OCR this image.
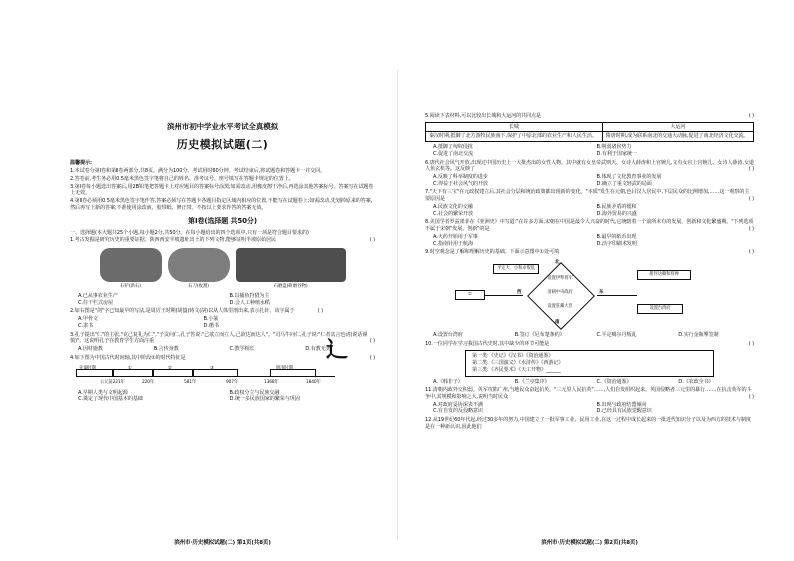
滨州市初中学业水平考试全真模拟
历史模拟试题(二)
温馨提示:
1.本试卷分第Ⅰ卷和第Ⅱ卷两部分,共8页。满分为100分。考试用时60分钟。考试结束后,将试题卷和答题卡一并交回。
2.答卷前,考生务必用0.5毫米黑色签字笔将自己的姓名、准考证号、座号填写在答题卡规定的位置上。
3.第Ⅰ卷每小题选出答案后,用2B铅笔把答题卡上对应题目的答案标号涂黑;如需改动,用橡皮擦干净后,再选涂其他答案标号。答案写在试题卷上无效。
4.第Ⅱ卷必须用0.5毫米黑色签字笔作答,答案必须写在答题卡各题目指定区域内相应的位置,不能写在试题卷上;如需改动,先划掉原来的答案,然后再写上新的答案;不准使用涂改液、胶带纸、修正带。不按以上要求作答的答案无效。
第Ⅰ卷(选择题 共50分)
一、选择题(本大题共25个小题,每小题2分,共50分。在每小题给出的四个选项中,只有一项是符合题目要求的)
1.考古发掘是研究历史的重要证据。陕西西安半坡遗址出土的下列文物,能够证明半坡原始居民	( )
石铲(新石)	石刀(收割)	石磨盘(研磨谷物)
A.已从事农业生产	B.以捕鱼狩猎为主
C.住干栏式房屋	D.会人工种植水稻
2.如右图是"剑"字已知最早的写法,是周厉王时期(胡簋)铸文(胡)以从人体里剖出来,表示扎针。该字属于	( )
⻌
A.甲骨文	B.小篆
C.隶书	D.楷书
3.孔子提出"仁"的主张,"克己复礼为仁","子贡问仁,孔子答说:"己欲立而立人,己欲达而达人"。"司马牛问仁,孔子说:"仁者其言也讱(说话谨慎)"。这说明孔子在教育学生方面注重	( )
A.因材施教	B.言传身教	C.教学相长	D.有教无类
4.如下图为中国古代时间轴,其中阶段②的时代特征是	( )
先秦时期	①	②	③	明清时期
公元前221年	220年	581年	907年	1368年	1840年
A.早期人类与文明起源	B.政权分立与民族交融
C.奠定了现代中国基本的基础	D.统一多民族国家的繁荣与巩固
滨州市·历史模拟试题(二) 第1页(共8页)
5.阅读下表材料,可以比较出长城和大运河的共同点是	( )
长城	大运河
秦汉时期,抵御了北方游牧民族南下,保护了中原北部的农业生产和人民生活。	隋唐时期,成为联系南北的交通大动脉,促进了南北经济文化交流。
A.抵御了匈奴侵扰	B.削弱诸侯势力
C.促进了南北交流	D.有利于国家统一
6.唐代社会风气开放,出现过中国历史上一大批杰出的女性人物。其中就有女皇帝武则天、女诗人薛涛和上官婉儿,文有女官上官婉儿、女诗人薛涛,女道人鱼玄机等。这反映了	( )
A.反映了科举制度的进步	B.体现了文化教育事业的发展
C.得益于社会风气的开放	D.确立了重文轻武的局面
7."天下有三宝"在元政权建立后,其社会分层和统治政策都出现新的变化。"本质"发生在元朝,色目汉人居民中,下层民众的比例增加,……这一观察的主要原因是	( )
A.民族文化的交融	B.民族矛盾的缓和
C.社会的繁荣开放	D.海外贸易的兴盛
8.美国学者罗兹墨菲在《亚洲史》中写道:"在许多方面,宋朝在中国是最令人兴奋的时代,它统辖着一个前所未有的发展、创新和文化繁盛期。"下列选项不属于宋朝"发展、创新"的是	( )
A.火药开始用于军事	B.最早的纸币出现
C.指南针用于航海	D.活字印刷术发明
9.时空观念是了解和理解历史的基础。下面示意图中①处可填	( )
北
平定大、小和卓叛乱
设置伊犁将军
清朝中央政府
设置驻藏大臣
西	东
册封达赖和班禅
①
设置台湾府
南
A.设置台湾府	B.签订《尼布楚条约》	C.平定噶尔丹叛乱	D.实行金瓶掣签制
10.一位同学在学习我国古代史时,其中缺少的环节可能是	( )
第一类:《史记》《汉书》《资治通鉴》
第二类:《三国演义》《水浒传》《西游记》
第三类:《齐民要术》《天工开物》______
A.《韩非子》	B.《兰亭集序》	C.《资治通鉴》	D.《农政全书》
11.清朝内政外交积弱。英军攻陷广州,当地民众奋起抗英。"三元里人民抗英"……,人们自发组织起来。英国侵略者三元里的暴行……,在抗击英军的斗争中,其规模和影响之大,说明当时民众	( )
A.对政府妥协深表不满	B.出现与政府结盟倾向
C.有自发的反侵略意识	D.已经具有民族觉醒意识
12.从19世纪60年代起,经过30多年的努力,中国建立了一批军事工业、民用工业,在这一过程中成长起来的一批近代知识分子以及为西方的技术与制度是在一种新认识,因此他们
滨州市·历史模拟试题(二) 第2页(共8页)
